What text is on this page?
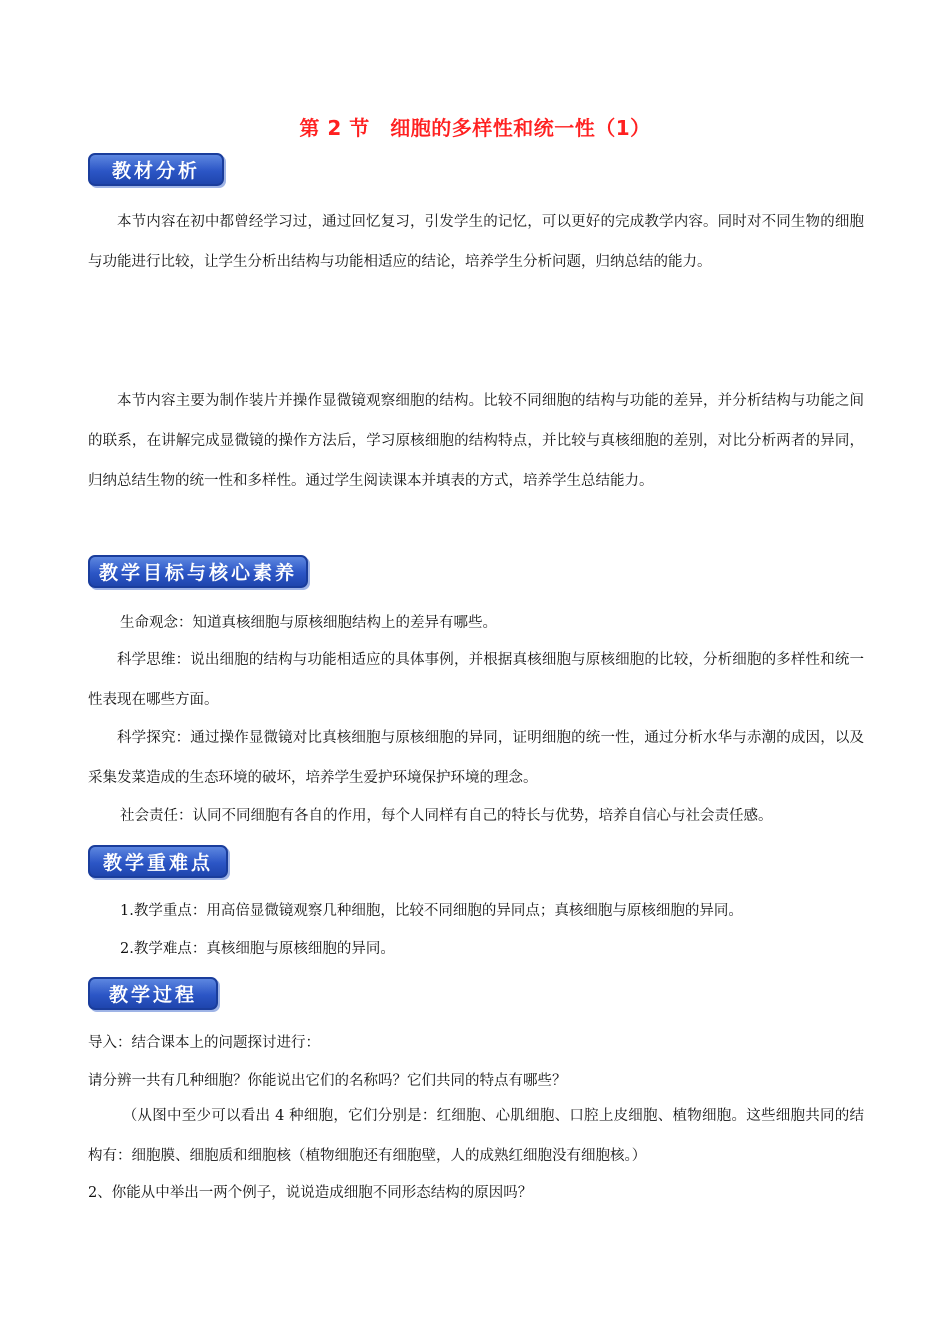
第 2 节　细胞的多样性和统一性（1）
教材分析
本节内容在初中都曾经学习过，通过回忆复习，引发学生的记忆，可以更好的完成教学内容。同时对不同生物的细胞与功能进行比较，让学生分析出结构与功能相适应的结论，培养学生分析问题，归纳总结的能力。
本节内容主要为制作装片并操作显微镜观察细胞的结构。比较不同细胞的结构与功能的差异，并分析结构与功能之间的联系，在讲解完成显微镜的操作方法后，学习原核细胞的结构特点，并比较与真核细胞的差别，对比分析两者的异同，归纳总结生物的统一性和多样性。通过学生阅读课本并填表的方式，培养学生总结能力。
教学目标与核心素养
生命观念：知道真核细胞与原核细胞结构上的差异有哪些。
科学思维：说出细胞的结构与功能相适应的具体事例，并根据真核细胞与原核细胞的比较，分析细胞的多样性和统一性表现在哪些方面。
科学探究：通过操作显微镜对比真核细胞与原核细胞的异同，证明细胞的统一性，通过分析水华与赤潮的成因，以及采集发菜造成的生态环境的破坏，培养学生爱护环境保护环境的理念。
社会责任：认同不同细胞有各自的作用，每个人同样有自己的特长与优势，培养自信心与社会责任感。
教学重难点
1.教学重点：用高倍显微镜观察几种细胞，比较不同细胞的异同点；真核细胞与原核细胞的异同。
2.教学难点：真核细胞与原核细胞的异同。
教学过程
导入：结合课本上的问题探讨进行：
请分辨一共有几种细胞？你能说出它们的名称吗？它们共同的特点有哪些？
（从图中至少可以看出 4 种细胞，它们分别是：红细胞、心肌细胞、口腔上皮细胞、植物细胞。这些细胞共同的结构有：细胞膜、细胞质和细胞核（植物细胞还有细胞壁，人的成熟红细胞没有细胞核。）
2、你能从中举出一两个例子，说说造成细胞不同形态结构的原因吗？
